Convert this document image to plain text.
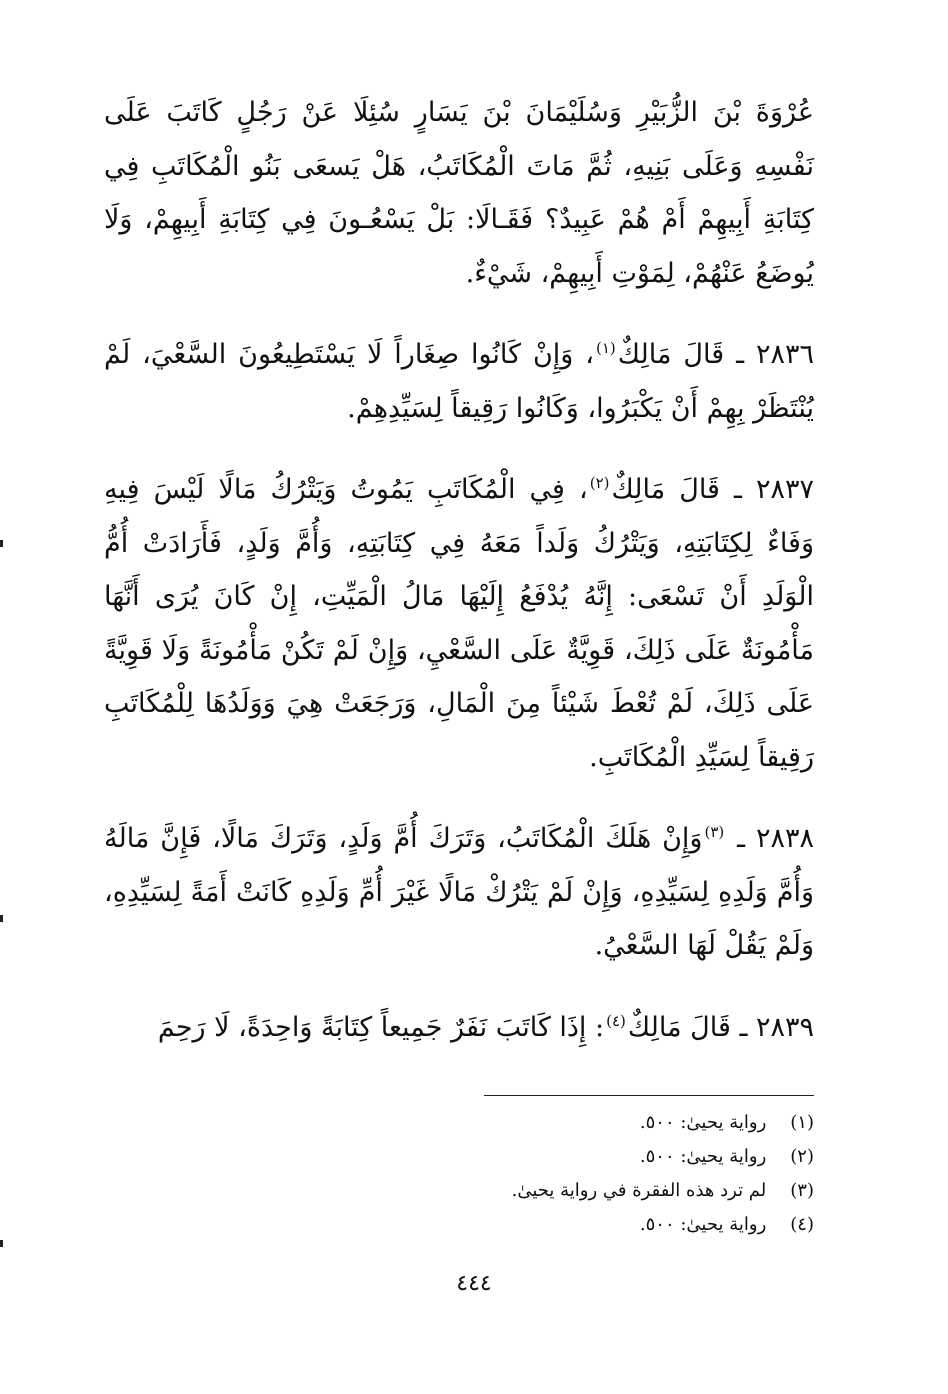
عُرْوَةَ بْنَ الزُّبَيْرِ وَسُلَيْمَانَ بْنَ يَسَارٍ سُئِلَا عَنْ رَجُلٍ كَاتَبَ عَلَى نَفْسِهِ وَعَلَى بَنِيهِ، ثُمَّ مَاتَ الْمُكَاتَبُ، هَلْ يَسعَى بَنُو الْمُكَاتَبِ فِي كِتَابَةِ أَبِيهِمْ أَمْ هُمْ عَبِيدٌ؟ فَقَـالَا: بَلْ يَسْعُـونَ فِي كِتَابَةِ أَبِيهِمْ، وَلَا يُوضَعُ عَنْهُمْ، لِمَوْتِ أَبِيهِمْ، شَيْءٌ.

٢٨٣٦ ـ قَالَ مَالِكٌ$^{(١)}$، وَإِنْ كَانُوا صِغَاراً لَا يَسْتَطِيعُونَ السَّعْيَ، لَمْ يُنْتَظَرْ بِهِمْ أَنْ يَكْبَرُوا، وَكَانُوا رَقِيقاً لِسَيِّدِهِمْ.

٢٨٣٧ ـ قَالَ مَالِكٌ$^{(٢)}$، فِي الْمُكَاتَبِ يَمُوتُ وَيَتْرُكُ مَالًا لَيْسَ فِيهِ وَفَاءٌ لِكِتَابَتِهِ، وَيَتْرُكُ وَلَداً مَعَهُ فِي كِتَابَتِهِ، وَأُمَّ وَلَدٍ، فَأَرَادَتْ أُمُّ الْوَلَدِ أَنْ تَسْعَى: إِنَّهُ يُدْفَعُ إِلَيْهَا مَالُ الْمَيِّتِ، إِنْ كَانَ يُرَى أَنَّهَا مَأْمُونَةٌ عَلَى ذَلِكَ، قَوِيَّةٌ عَلَى السَّعْيِ، وَإِنْ لَمْ تَكُنْ مَأْمُونَةً وَلَا قَوِيَّةً عَلَى ذَلِكَ، لَمْ تُعْطَ شَيْئاً مِنَ الْمَالِ، وَرَجَعَتْ هِيَ وَوَلَدُهَا لِلْمُكَاتَبِ رَقِيقاً لِسَيِّدِ الْمُكَاتَبِ.

٢٨٣٨ ـ $^{(٣)}$وَإِنْ هَلَكَ الْمُكَاتَبُ، وَتَرَكَ أُمَّ وَلَدٍ، وَتَرَكَ مَالًا، فَإِنَّ مَالَهُ وَأُمَّ وَلَدِهِ لِسَيِّدِهِ، وَإِنْ لَمْ يَتْرُكْ مَالًا غَيْرَ أُمِّ وَلَدِهِ كَانَتْ أَمَةً لِسَيِّدِهِ، وَلَمْ يَقُلْ لَهَا السَّعْيُ.

٢٨٣٩ ـ قَالَ مَالِكٌ$^{(٤)}$: إِذَا كَاتَبَ نَفَرٌ جَمِيعاً كِتَابَةً وَاحِدَةً، لَا رَحِمَ

(١) رواية يحيىٰ: ٥٠٠.

(٢) رواية يحيىٰ: ٥٠٠.

(٣) لم ترد هذه الفقرة في رواية يحيىٰ.

(٤) رواية يحيىٰ: ٥٠٠.

٤٤٤
